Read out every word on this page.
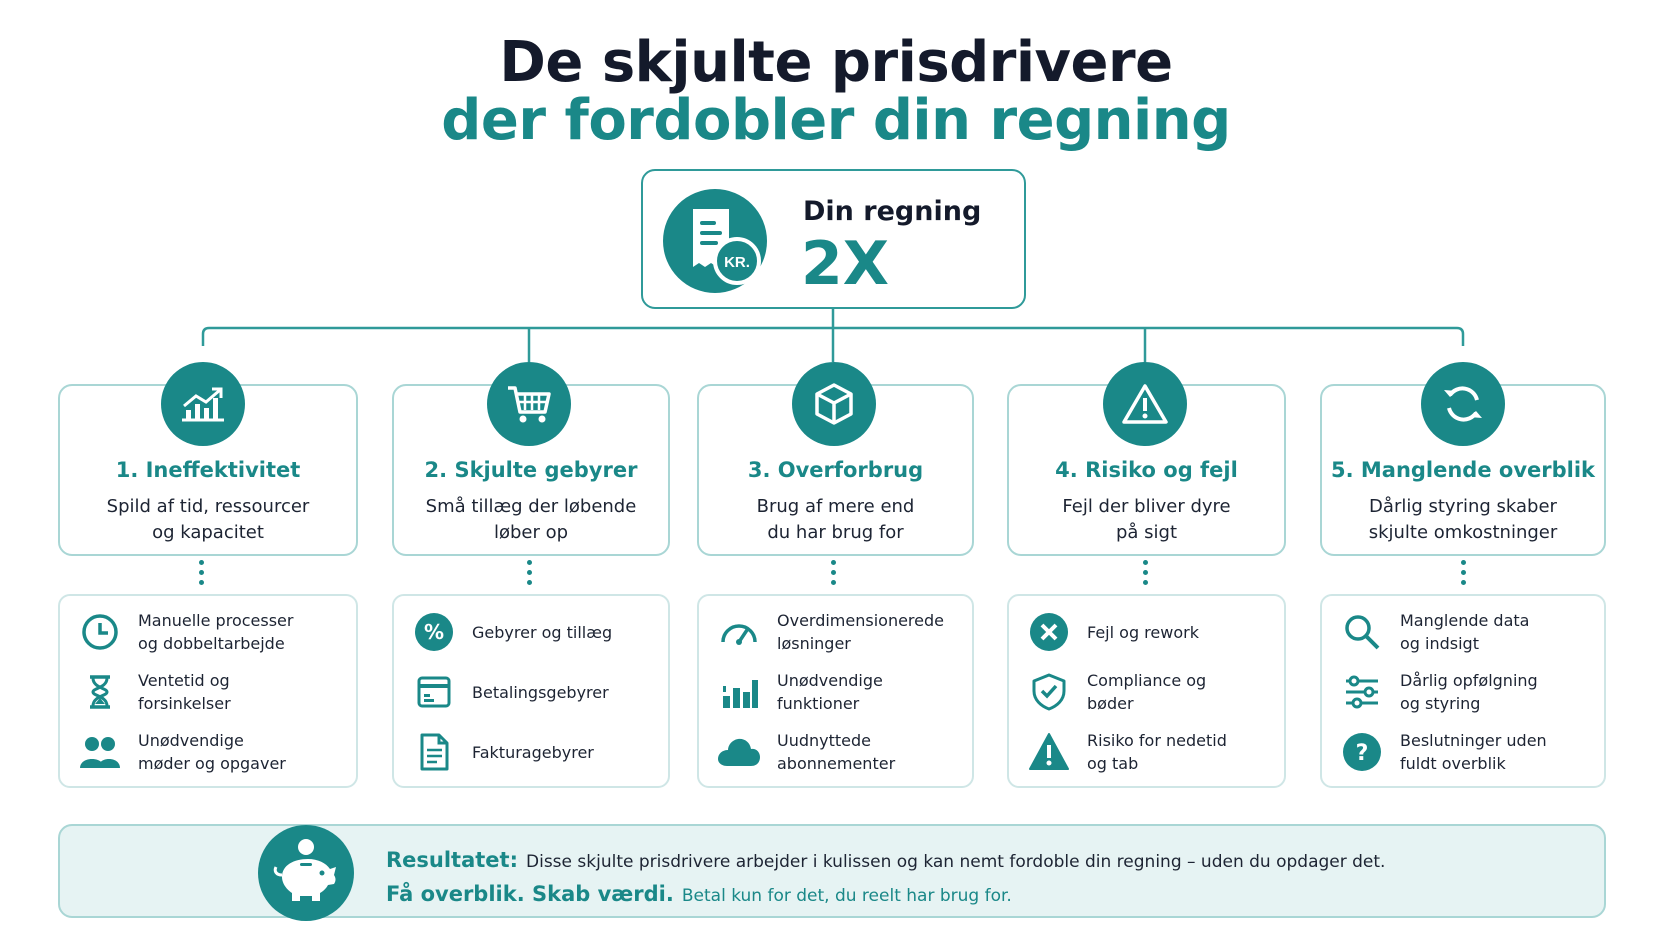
De skjulte prisdrivere
der fordobler din regning
KR.
Din regning
2X
1. Ineffektivitet
Spild af tid, ressourcer
og kapacitet
Manuelle processer
og dobbeltarbejde
Ventetid og
forsinkelser
Unødvendige
møder og opgaver
2. Skjulte gebyrer
Små tillæg der løbende
løber op
% Gebyrer og tillæg
Betalingsgebyrer
Fakturagebyrer
3. Overforbrug
Brug af mere end
du har brug for
Overdimensionerede
løsninger
Unødvendige
funktioner
Uudnyttede
abonnementer
4. Risiko og fejl
Fejl der bliver dyre
på sigt
Fejl og rework
Compliance og
bøder
Risiko for nedetid
og tab
5. Manglende overblik
Dårlig styring skaber
skjulte omkostninger
Manglende data
og indsigt
Dårlig opfølgning
og styring
?
Beslutninger uden
fuldt overblik
Resultatet: Disse skjulte prisdrivere arbejder i kulissen og kan nemt fordoble din regning – uden du opdager det.
Få overblik. Skab værdi. Betal kun for det, du reelt har brug for.
